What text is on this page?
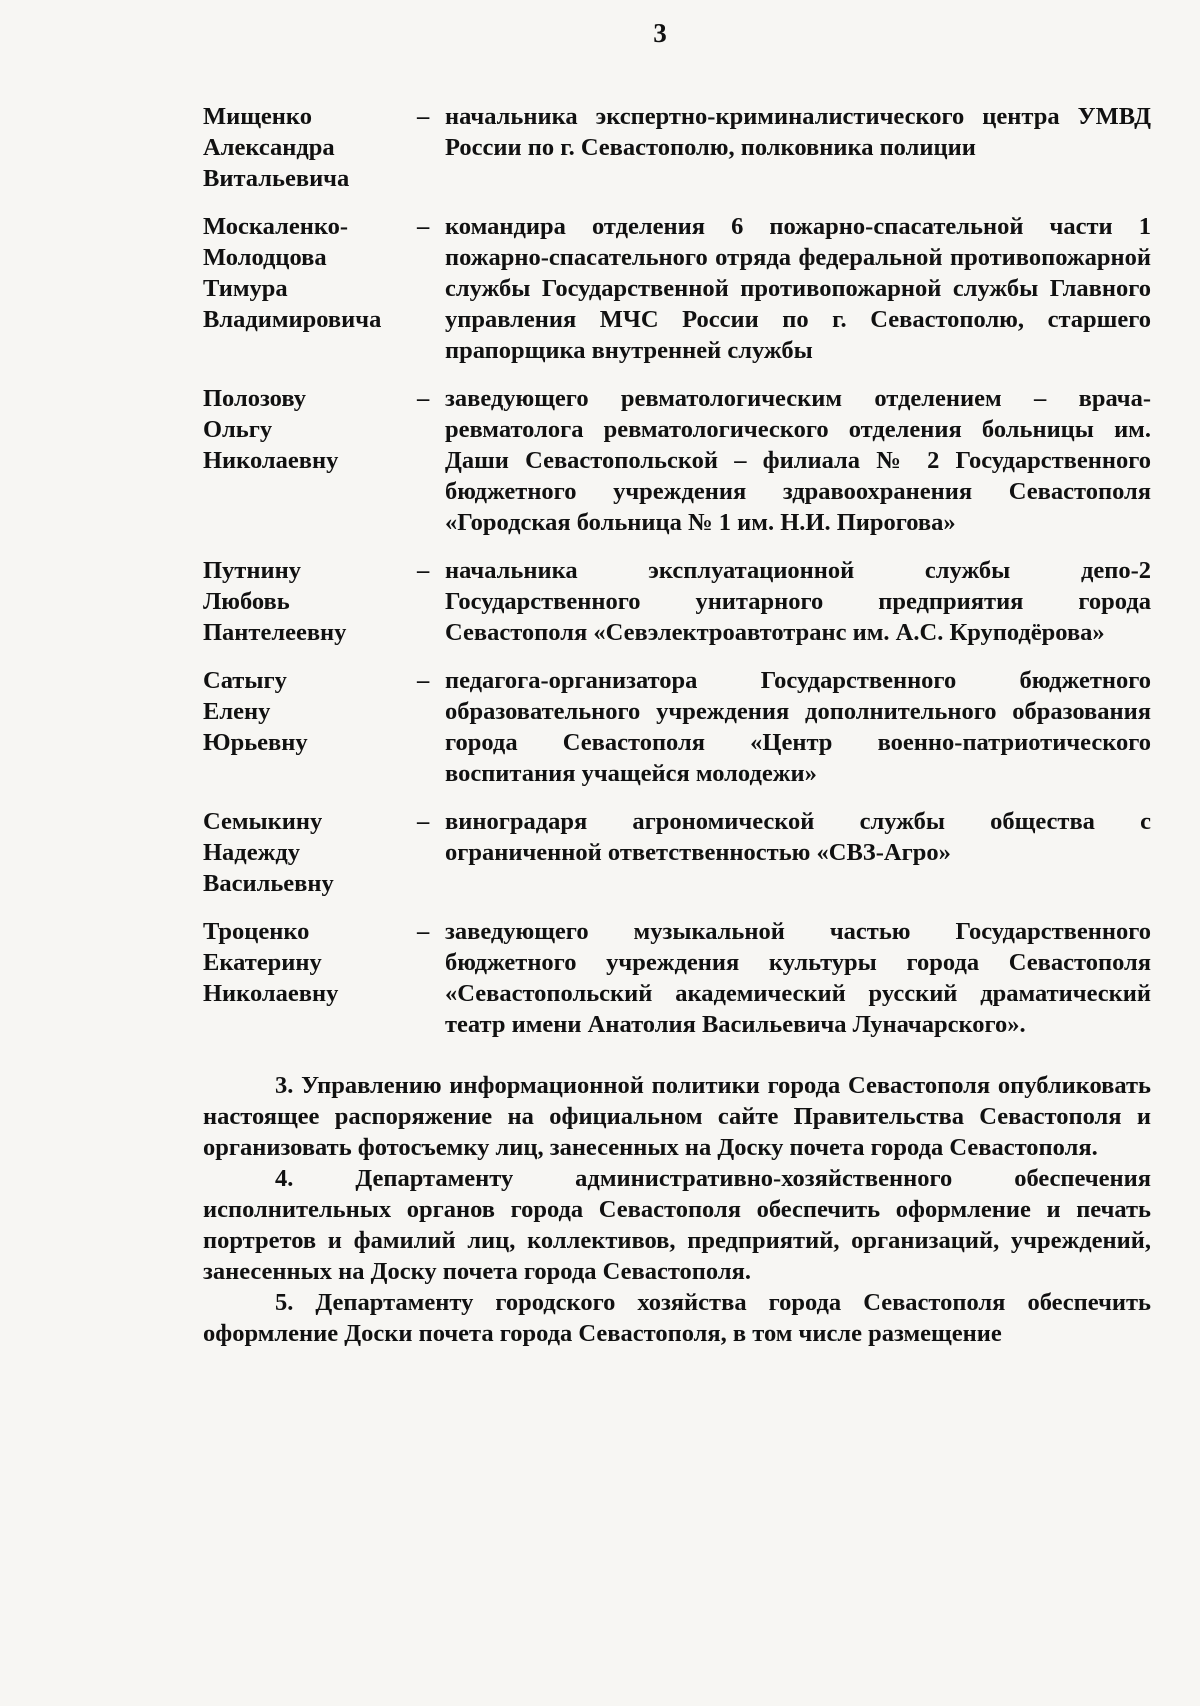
3
Мищенко
Александра
Витальевича
– начальника экспертно-криминалистического центра УМВД России по г. Севастополю, полковника полиции
Москаленко-
Молодцова
Тимура
Владимировича
– командира отделения 6 пожарно-спасательной части 1 пожарно-спасательного отряда федеральной противопожарной службы Государственной противопожарной службы Главного управления МЧС России по г. Севастополю, старшего прапорщика внутренней службы
Полозову
Ольгу
Николаевну
– заведующего ревматологическим отделением – врача-ревматолога ревматологического отделения больницы им. Даши Севастопольской – филиала № 2 Государственного бюджетного учреждения здравоохранения Севастополя «Городская больница № 1 им. Н.И. Пирогова»
Путнину
Любовь
Пантелеевну
– начальника эксплуатационной службы депо-2 Государственного унитарного предприятия города Севастополя «Севэлектроавтотранс им. А.С. Круподёрова»
Сатыгу
Елену
Юрьевну
– педагога-организатора Государственного бюджетного образовательного учреждения дополнительного образования города Севастополя «Центр военно-патриотического воспитания учащейся молодежи»
Семыкину
Надежду
Васильевну
– виноградаря агрономической службы общества с ограниченной ответственностью «СВЗ-Агро»
Троценко
Екатерину
Николаевну
– заведующего музыкальной частью Государственного бюджетного учреждения культуры города Севастополя «Севастопольский академический русский драматический театр имени Анатолия Васильевича Луначарского».

3. Управлению информационной политики города Севастополя опубликовать настоящее распоряжение на официальном сайте Правительства Севастополя и организовать фотосъемку лиц, занесенных на Доску почета города Севастополя.

4. Департаменту административно-хозяйственного обеспечения исполнительных органов города Севастополя обеспечить оформление и печать портретов и фамилий лиц, коллективов, предприятий, организаций, учреждений, занесенных на Доску почета города Севастополя.

5. Департаменту городского хозяйства города Севастополя обеспечить оформление Доски почета города Севастополя, в том числе размещение
